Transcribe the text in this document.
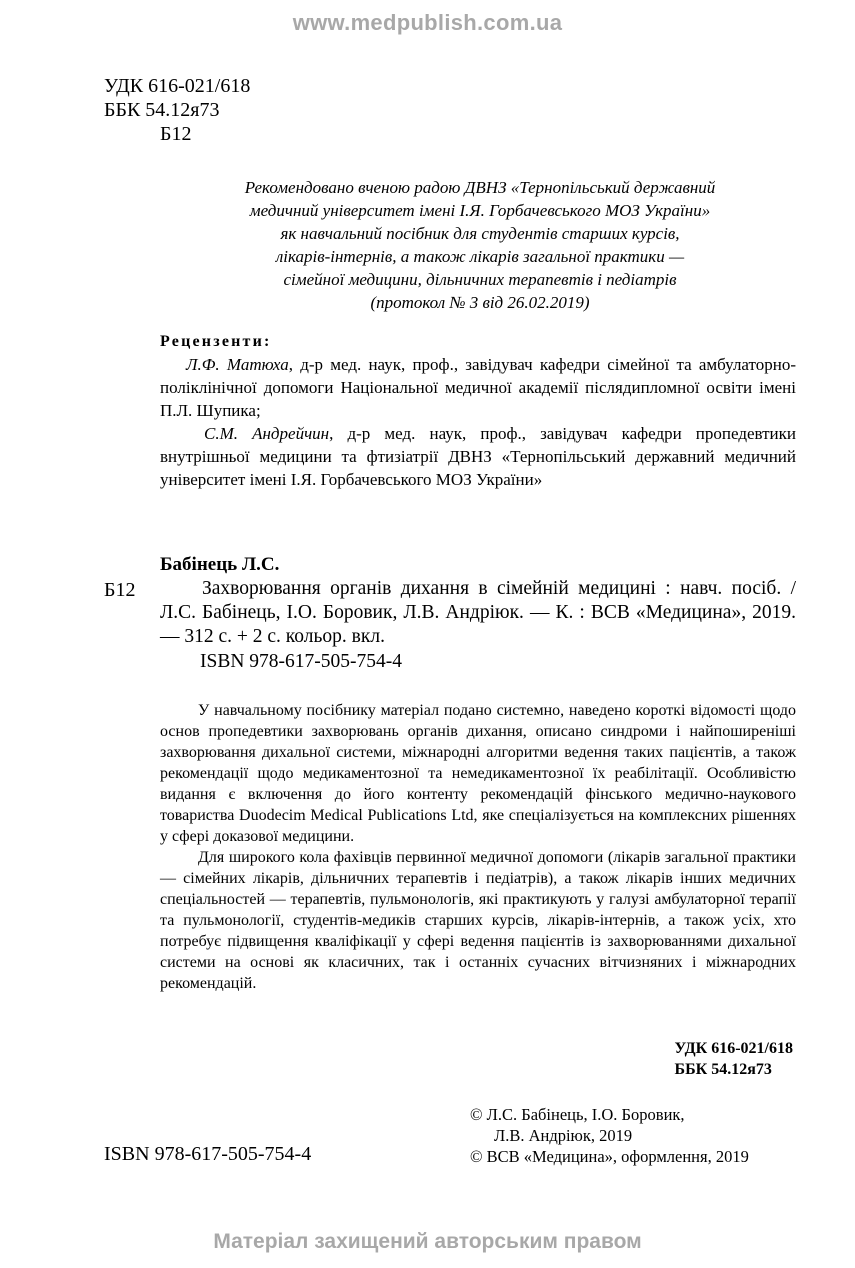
www.medpublish.com.ua
УДК 616-021/618
ББК 54.12я73
Б12
Рекомендовано вченою радою ДВНЗ «Тернопільський державний
медичний університет імені І.Я. Горбачевського МОЗ України»
як навчальний посібник для студентів старших курсів,
лікарів-інтернів, а також лікарів загальної практики —
сімейної медицини, дільничних терапевтів і педіатрів
(протокол № 3 від 26.02.2019)
Рецензенти:
Л.Ф. Матюха, д-р мед. наук, проф., завідувач кафедри сімейної та амбулаторно-поліклінічної допомоги Національної медичної академії післядипломної освіти імені П.Л. Шупика;
С.М. Андрейчин, д-р мед. наук, проф., завідувач кафедри пропедевтики внутрішньої медицини та фтизіатрії ДВНЗ «Тернопільський державний медичний університет імені І.Я. Горбачевського МОЗ України»
Бабінець Л.С.
Б12	Захворювання органів дихання в сімейній медицині : навч. посіб. / Л.С. Бабінець, І.О. Боровик, Л.В. Андріюк. — К. : ВСВ «Медицина», 2019. — 312 с. + 2 с. кольор. вкл.
ISBN 978-617-505-754-4

У навчальному посібнику матеріал подано системно, наведено короткі відомості щодо основ пропедевтики захворювань органів дихання, описано синдроми і найпоширеніші захворювання дихальної системи, міжнародні алгоритми ведення таких пацієнтів, а також рекомендації щодо медикаментозної та немедикаментозної їх реабілітації. Особливістю видання є включення до його контенту рекомендацій фінського медично-наукового товариства Duodecim Medical Publications Ltd, яке спеціалізується на комплексних рішеннях у сфері доказової медицини.

Для широкого кола фахівців первинної медичної допомоги (лікарів загальної практики — сімейних лікарів, дільничних терапевтів і педіатрів), а також лікарів інших медичних спеціальностей — терапевтів, пульмонологів, які практикують у галузі амбулаторної терапії та пульмонології, студентів-медиків старших курсів, лікарів-інтернів, а також усіх, хто потребує підвищення кваліфікації у сфері ведення пацієнтів із захворюваннями дихальної системи на основі як класичних, так і останніх сучасних вітчизняних і міжнародних рекомендацій.

УДК 616-021/618
ББК 54.12я73
ISBN 978-617-505-754-4
© Л.С. Бабінець, І.О. Боровик,
Л.В. Андріюк, 2019
© ВСВ «Медицина», оформлення, 2019
Матеріал захищений авторським правом
